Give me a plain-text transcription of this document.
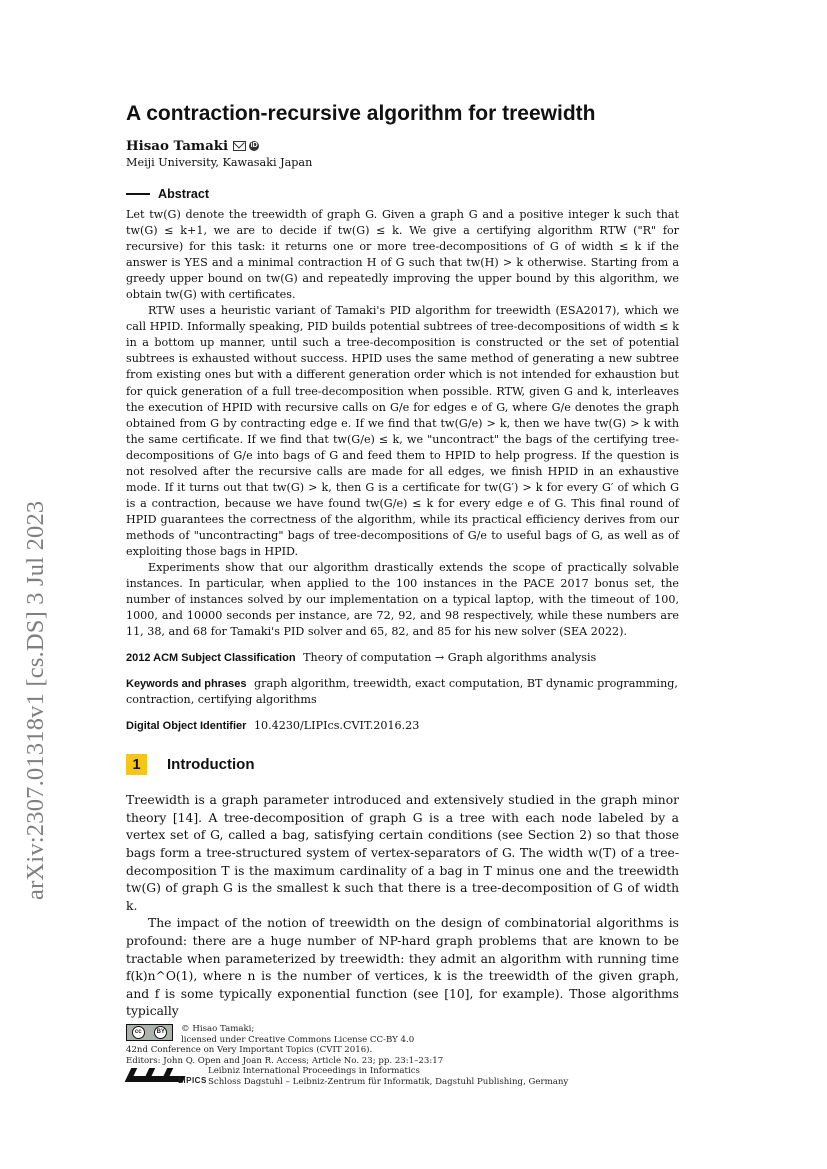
arXiv:2307.01318v1 [cs.DS] 3 Jul 2023
A contraction-recursive algorithm for treewidth
Hisao Tamaki	iD
Meiji University, Kawasaki Japan
Abstract

Let tw(G) denote the treewidth of graph G. Given a graph G and a positive integer k such that tw(G) ≤ k+1, we are to decide if tw(G) ≤ k. We give a certifying algorithm RTW ("R" for recursive) for this task: it returns one or more tree-decompositions of G of width ≤ k if the answer is YES and a minimal contraction H of G such that tw(H) > k otherwise. Starting from a greedy upper bound on tw(G) and repeatedly improving the upper bound by this algorithm, we obtain tw(G) with certificates.

RTW uses a heuristic variant of Tamaki's PID algorithm for treewidth (ESA2017), which we call HPID. Informally speaking, PID builds potential subtrees of tree-decompositions of width ≤ k in a bottom up manner, until such a tree-decomposition is constructed or the set of potential subtrees is exhausted without success. HPID uses the same method of generating a new subtree from existing ones but with a different generation order which is not intended for exhaustion but for quick generation of a full tree-decomposition when possible. RTW, given G and k, interleaves the execution of HPID with recursive calls on G/e for edges e of G, where G/e denotes the graph obtained from G by contracting edge e. If we find that tw(G/e) > k, then we have tw(G) > k with the same certificate. If we find that tw(G/e) ≤ k, we "uncontract" the bags of the certifying tree-decompositions of G/e into bags of G and feed them to HPID to help progress. If the question is not resolved after the recursive calls are made for all edges, we finish HPID in an exhaustive mode. If it turns out that tw(G) > k, then G is a certificate for tw(G′) > k for every G′ of which G is a contraction, because we have found tw(G/e) ≤ k for every edge e of G. This final round of HPID guarantees the correctness of the algorithm, while its practical efficiency derives from our methods of "uncontracting" bags of tree-decompositions of G/e to useful bags of G, as well as of exploiting those bags in HPID.

Experiments show that our algorithm drastically extends the scope of practically solvable instances. In particular, when applied to the 100 instances in the PACE 2017 bonus set, the number of instances solved by our implementation on a typical laptop, with the timeout of 100, 1000, and 10000 seconds per instance, are 72, 92, and 98 respectively, while these numbers are 11, 38, and 68 for Tamaki's PID solver and 65, 82, and 85 for his new solver (SEA 2022).

2012 ACM Subject Classification Theory of computation → Graph algorithms analysis
Keywords and phrases graph algorithm, treewidth, exact computation, BT dynamic programming, contraction, certifying algorithms
Digital Object Identifier 10.4230/LIPIcs.CVIT.2016.23
1	Introduction

Treewidth is a graph parameter introduced and extensively studied in the graph minor theory [14]. A tree-decomposition of graph G is a tree with each node labeled by a vertex set of G, called a bag, satisfying certain conditions (see Section 2) so that those bags form a tree-structured system of vertex-separators of G. The width w(T) of a tree-decomposition T is the maximum cardinality of a bag in T minus one and the treewidth tw(G) of graph G is the smallest k such that there is a tree-decomposition of G of width k.

The impact of the notion of treewidth on the design of combinatorial algorithms is profound: there are a huge number of NP-hard graph problems that are known to be tractable when parameterized by treewidth: they admit an algorithm with running time f(k)n^O(1), where n is the number of vertices, k is the treewidth of the given graph, and f is some typically exponential function (see [10], for example). Those algorithms typically

cc	BY © Hisao Tamaki;
licensed under Creative Commons License CC-BY 4.0
42nd Conference on Very Important Topics (CVIT 2016).
Editors: John Q. Open and Joan R. Access; Article No. 23; pp. 23:1–23:17
LIPICS
Leibniz International Proceedings in Informatics
Schloss Dagstuhl – Leibniz-Zentrum für Informatik, Dagstuhl Publishing, Germany
